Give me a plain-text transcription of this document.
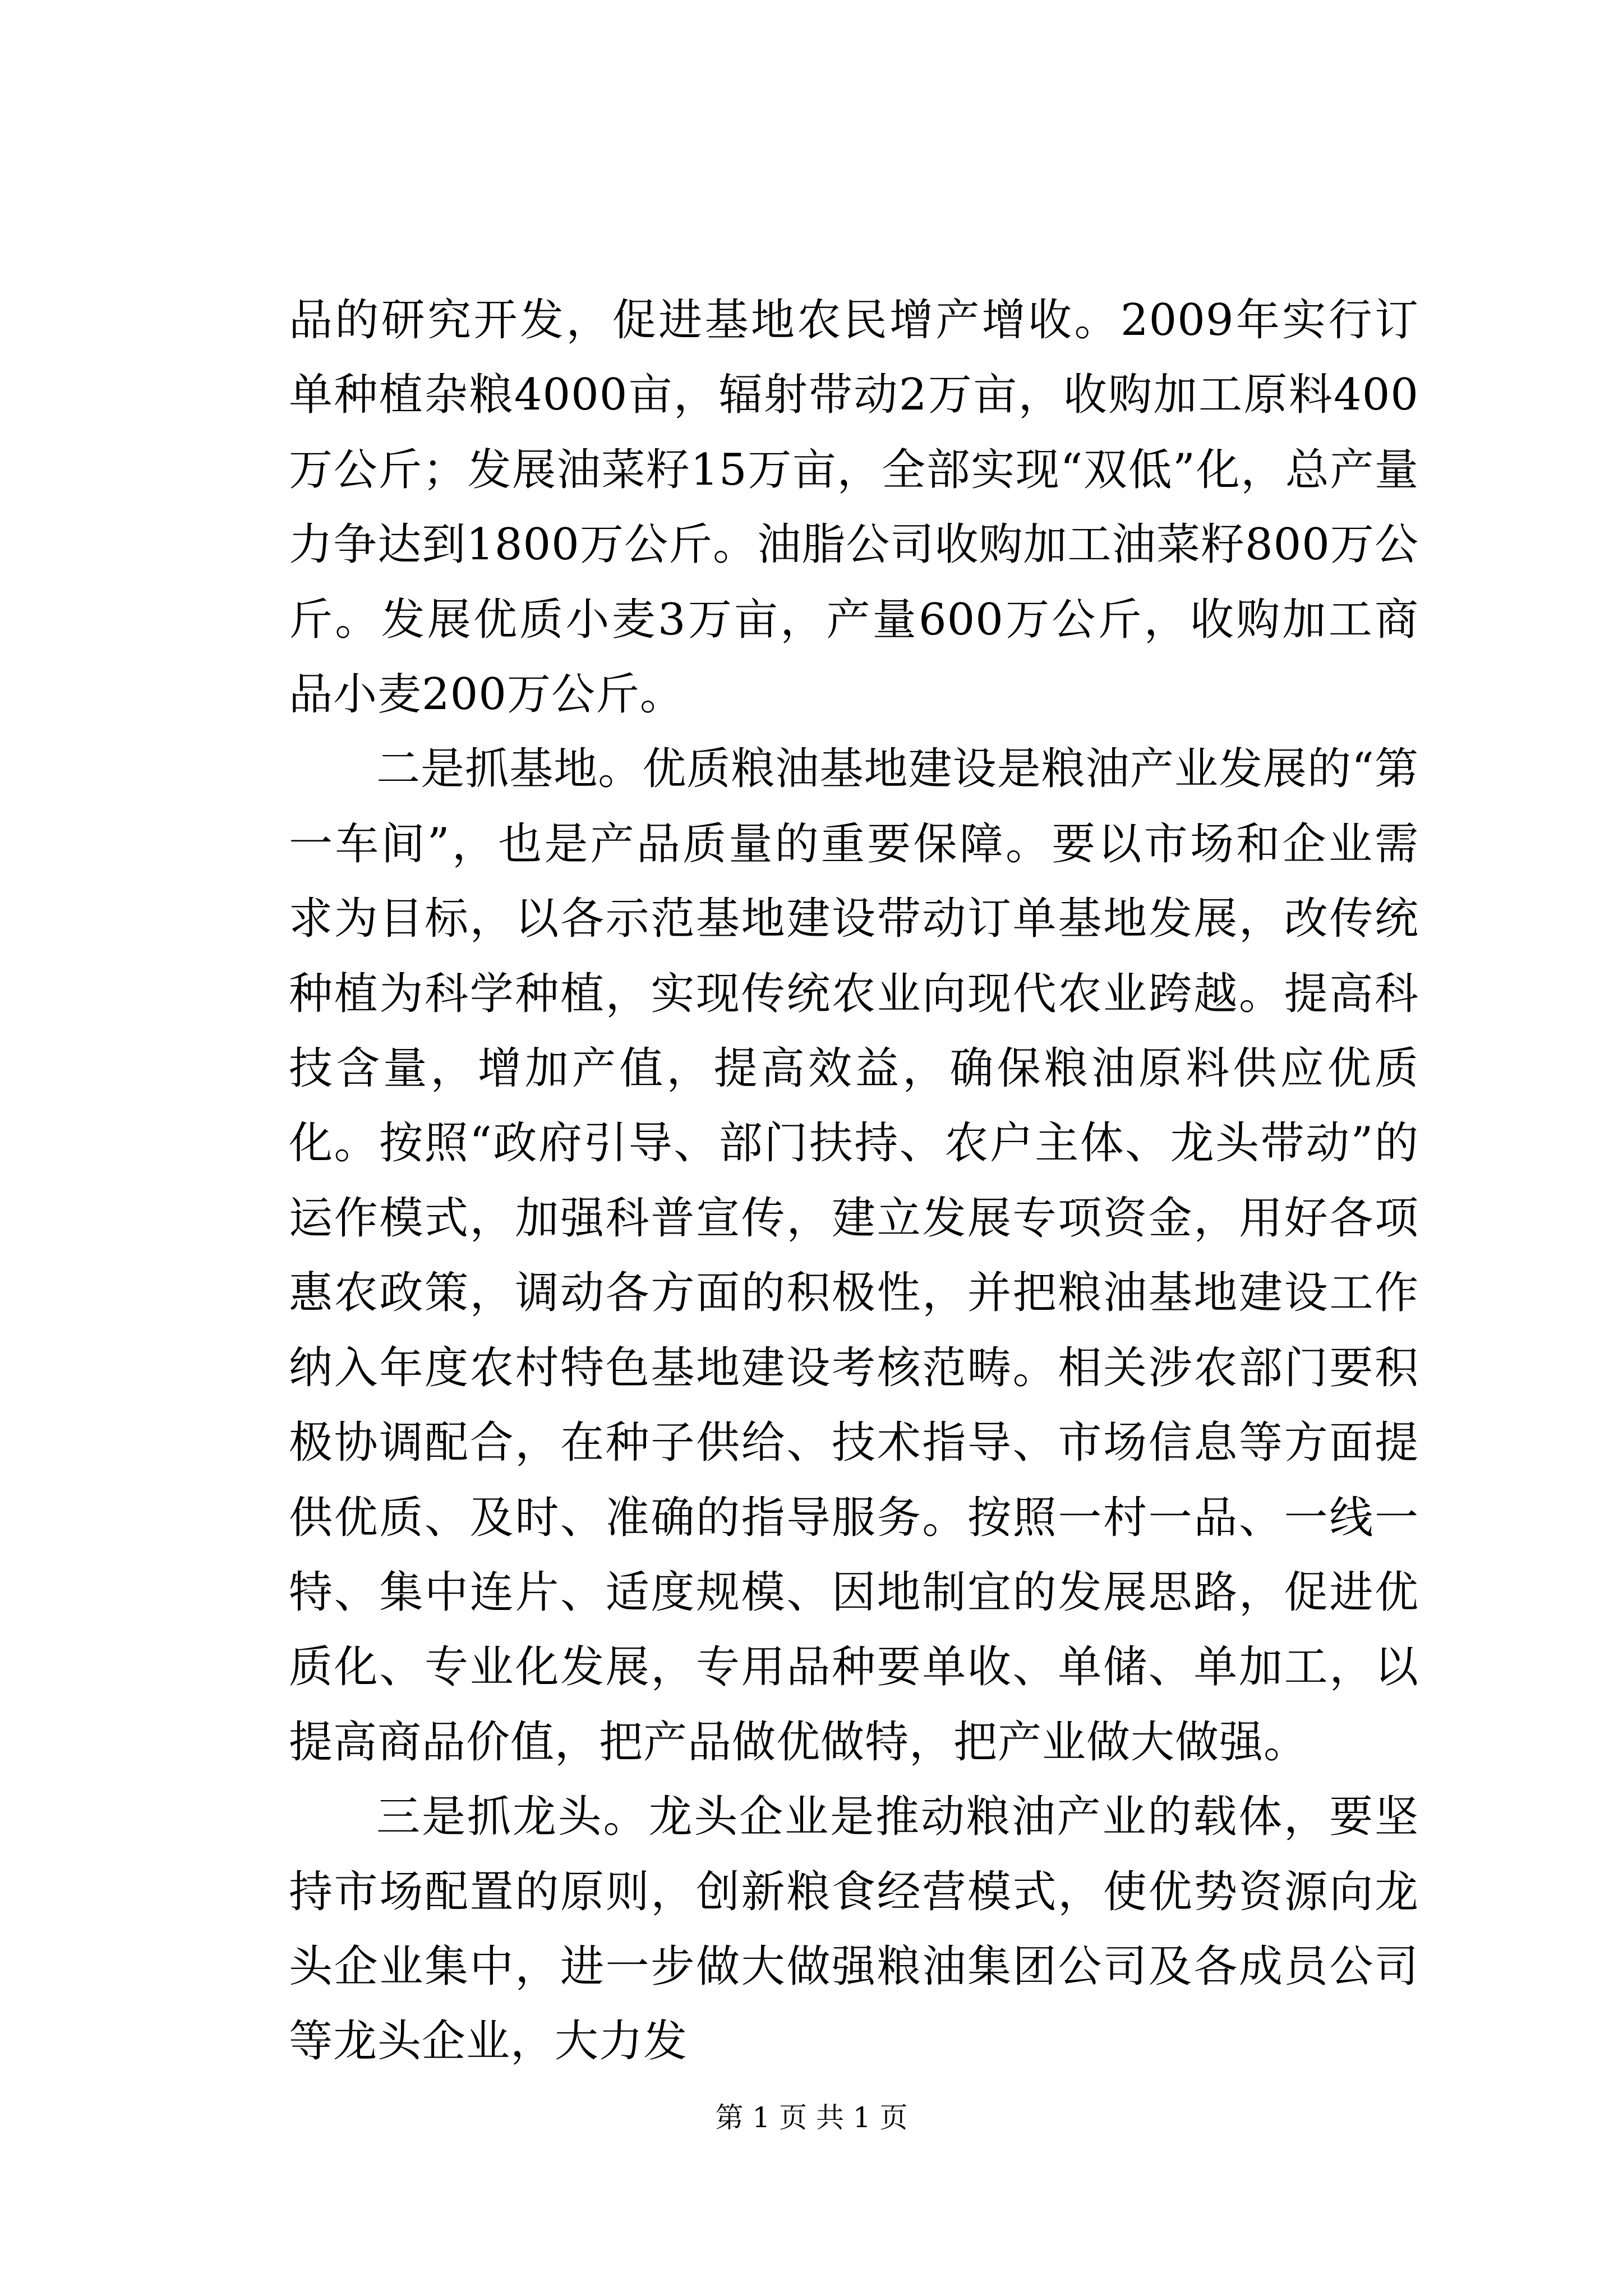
品的研究开发，促进基地农民增产增收。2009年实行订单种植杂粮4000亩，辐射带动2万亩，收购加工原料400万公斤；发展油菜籽15万亩，全部实现“双低”化，总产量力争达到1800万公斤。油脂公司收购加工油菜籽800万公斤。发展优质小麦3万亩，产量600万公斤，收购加工商品小麦200万公斤。

二是抓基地。优质粮油基地建设是粮油产业发展的“第一车间”，也是产品质量的重要保障。要以市场和企业需求为目标，以各示范基地建设带动订单基地发展，改传统种植为科学种植，实现传统农业向现代农业跨越。提高科技含量，增加产值，提高效益，确保粮油原料供应优质化。按照“政府引导、部门扶持、农户主体、龙头带动”的运作模式，加强科普宣传，建立发展专项资金，用好各项惠农政策，调动各方面的积极性，并把粮油基地建设工作纳入年度农村特色基地建设考核范畴。相关涉农部门要积极协调配合，在种子供给、技术指导、市场信息等方面提供优质、及时、准确的指导服务。按照一村一品、一线一特、集中连片、适度规模、因地制宜的发展思路，促进优质化、专业化发展，专用品种要单收、单储、单加工，以提高商品价值，把产品做优做特，把产业做大做强。

三是抓龙头。龙头企业是推动粮油产业的载体，要坚持市场配置的原则，创新粮食经营模式，使优势资源向龙头企业集中，进一步做大做强粮油集团公司及各成员公司等龙头企业，大力发

第 1 页 共 1 页
